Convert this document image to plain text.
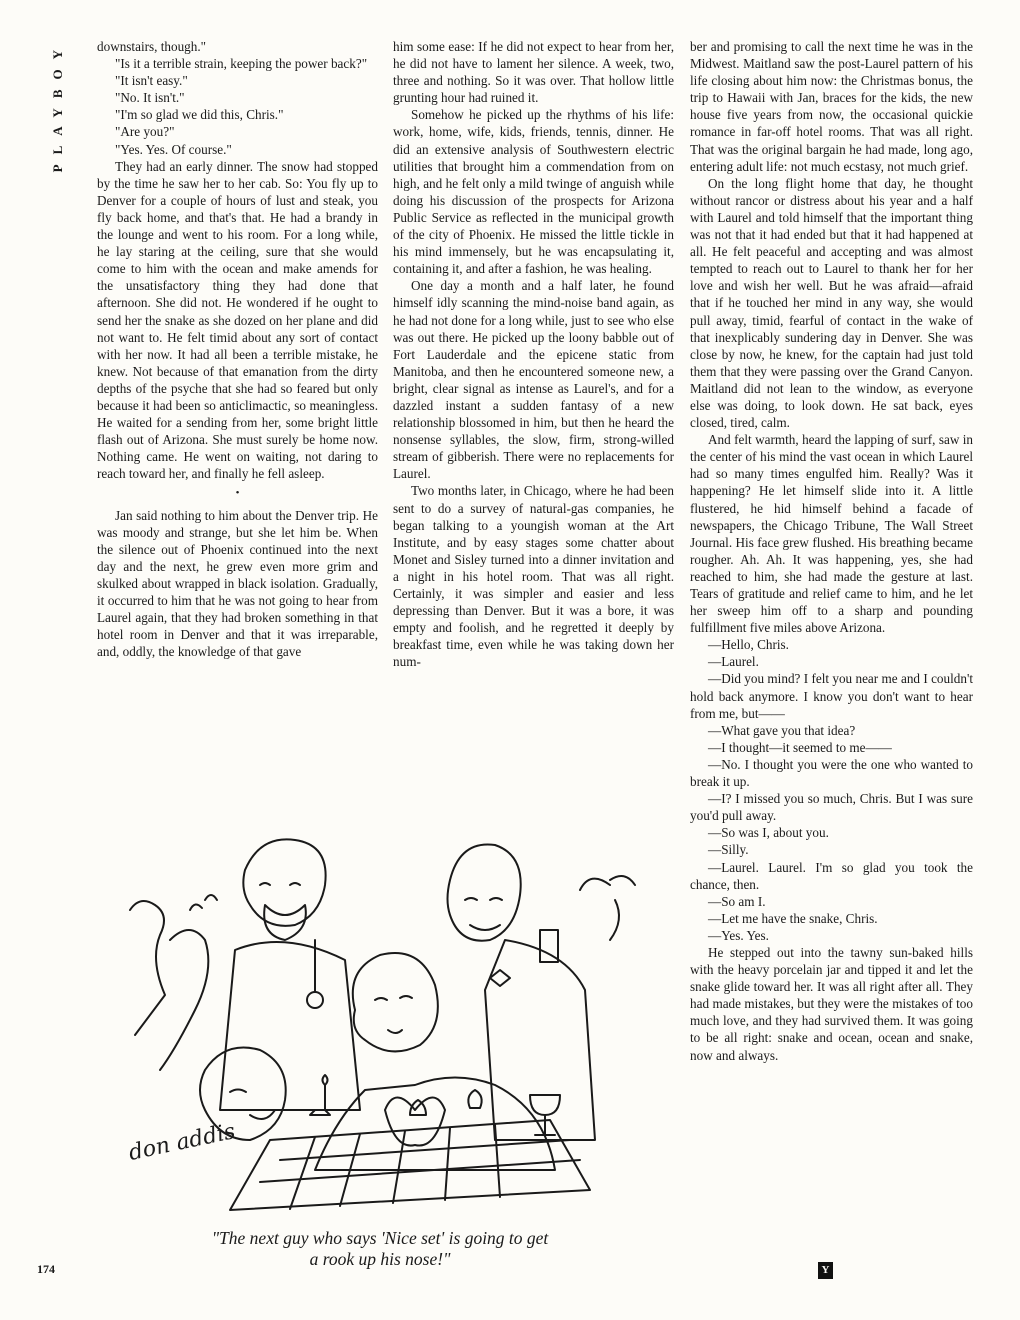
PLAYBOY downstairs, though."

"Is it a terrible strain, keeping the power back?"

"It isn't easy."

"No. It isn't."

"I'm so glad we did this, Chris."

"Are you?"

"Yes. Yes. Of course."

They had an early dinner. The snow had stopped by the time he saw her to her cab. So: You fly up to Denver for a couple of hours of lust and steak, you fly back home, and that's that. He had a brandy in the lounge and went to his room. For a long while, he lay staring at the ceiling, sure that she would come to him with the ocean and make amends for the unsatisfactory thing they had done that afternoon. She did not. He wondered if he ought to send her the snake as she dozed on her plane and did not want to. He felt timid about any sort of contact with her now. It had all been a terrible mistake, he knew. Not because of that emanation from the dirty depths of the psyche that she had so feared but only because it had been so anticlimactic, so meaningless. He waited for a sending from her, some bright little flash out of Arizona. She must surely be home now. Nothing came. He went on waiting, not daring to reach toward her, and finally he fell asleep.

•

Jan said nothing to him about the Denver trip. He was moody and strange, but she let him be. When the silence out of Phoenix continued into the next day and the next, he grew even more grim and skulked about wrapped in black isolation. Gradually, it occurred to him that he was not going to hear from Laurel again, that they had broken something in that hotel room in Denver and that it was irreparable, and, oddly, the knowledge of that gave

him some ease: If he did not expect to hear from her, he did not have to lament her silence. A week, two, three and nothing. So it was over. That hollow little grunting hour had ruined it.

Somehow he picked up the rhythms of his life: work, home, wife, kids, friends, tennis, dinner. He did an extensive analysis of Southwestern electric utilities that brought him a commendation from on high, and he felt only a mild twinge of anguish while doing his discussion of the prospects for Arizona Public Service as reflected in the municipal growth of the city of Phoenix. He missed the little tickle in his mind immensely, but he was encapsulating it, containing it, and after a fashion, he was healing.

One day a month and a half later, he found himself idly scanning the mind-noise band again, as he had not done for a long while, just to see who else was out there. He picked up the loony babble out of Fort Lauderdale and the epicene static from Manitoba, and then he encountered someone new, a bright, clear signal as intense as Laurel's, and for a dazzled instant a sudden fantasy of a new relationship blossomed in him, but then he heard the nonsense syllables, the slow, firm, strong-willed stream of gibberish. There were no replacements for Laurel.

Two months later, in Chicago, where he had been sent to do a survey of natural-gas companies, he began talking to a youngish woman at the Art Institute, and by easy stages some chatter about Monet and Sisley turned into a dinner invitation and a night in his hotel room. That was all right. Certainly, it was simpler and easier and less depressing than Denver. But it was a bore, it was empty and foolish, and he regretted it deeply by breakfast time, even while he was taking down her num-

ber and promising to call the next time he was in the Midwest. Maitland saw the post-Laurel pattern of his life closing about him now: the Christmas bonus, the trip to Hawaii with Jan, braces for the kids, the new house five years from now, the occasional quickie romance in far-off hotel rooms. That was all right. That was the original bargain he had made, long ago, entering adult life: not much ecstasy, not much grief.

On the long flight home that day, he thought without rancor or distress about his year and a half with Laurel and told himself that the important thing was not that it had ended but that it had happened at all. He felt peaceful and accepting and was almost tempted to reach out to Laurel to thank her for her love and wish her well. But he was afraid—afraid that if he touched her mind in any way, she would pull away, timid, fearful of contact in the wake of that inexplicably sundering day in Denver. She was close by now, he knew, for the captain had just told them that they were passing over the Grand Canyon. Maitland did not lean to the window, as everyone else was doing, to look down. He sat back, eyes closed, tired, calm.

And felt warmth, heard the lapping of surf, saw in the center of his mind the vast ocean in which Laurel had so many times engulfed him. Really? Was it happening? He let himself slide into it. A little flustered, he hid himself behind a facade of newspapers, the Chicago Tribune, The Wall Street Journal. His face grew flushed. His breathing became rougher. Ah. Ah. It was happening, yes, she had reached to him, she had made the gesture at last. Tears of gratitude and relief came to him, and he let her sweep him off to a sharp and pounding fulfillment five miles above Arizona.

—Hello, Chris.

—Laurel.

—Did you mind? I felt you near me and I couldn't hold back anymore. I know you don't want to hear from me, but——

—What gave you that idea?

—I thought—it seemed to me——

—No. I thought you were the one who wanted to break it up.

—I? I missed you so much, Chris. But I was sure you'd pull away.

—So was I, about you.

—Silly.

—Laurel. Laurel. I'm so glad you took the chance, then.

—So am I.

—Let me have the snake, Chris.

—Yes. Yes.

He stepped out into the tawny sun-baked hills with the heavy porcelain jar and tipped it and let the snake glide toward her. It was all right after all. They had made mistakes, but they were the mistakes of too much love, and they had survived them. It was going to be all right: snake and ocean, ocean and snake, now and always.

don addis
"The next guy who says 'Nice set' is going to get
a rook up his nose!"
174	Y
